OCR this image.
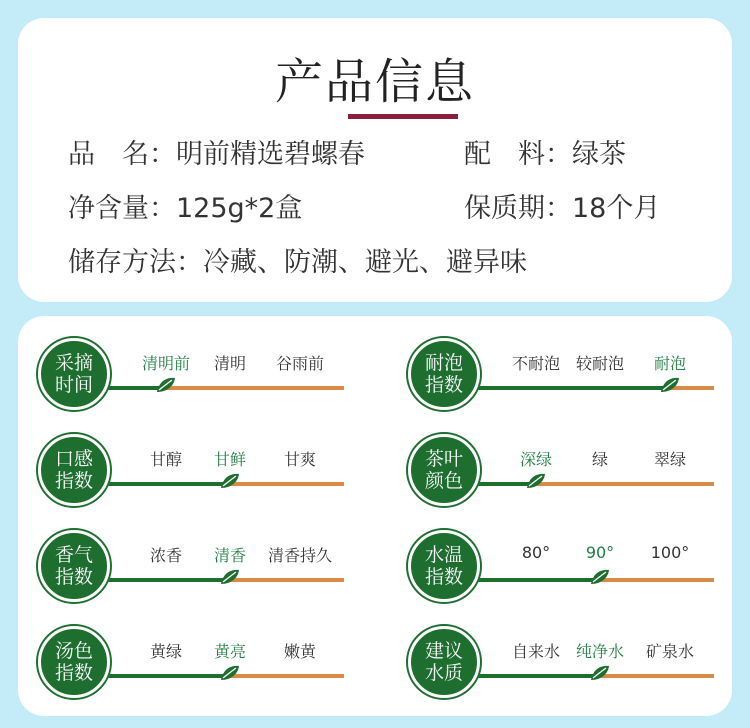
产品信息
品　名：明前精选碧螺春	配　料：绿茶
净含量：125g*2盒	保质期：18个月
储存方法：冷藏、防潮、避光、避异味
采摘时间
清明前 清明 谷雨前	耐泡指数
不耐泡 较耐泡 耐泡
口感指数
甘醇 甘鲜 甘爽	茶叶颜色
深绿 绿	翠绿
香气指数
浓香 清香 清香持久	水温指数
80° 90° 100°
汤色指数
黄绿 黄亮 嫩黄	建议水质
自来水 纯净水 矿泉水
